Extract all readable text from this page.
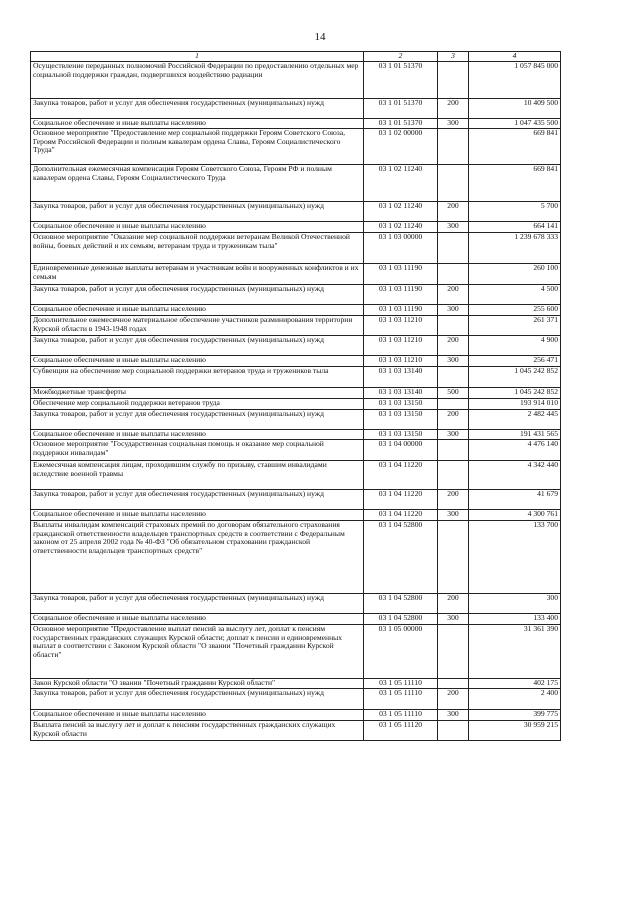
14
1	2	3	4
Осуществление переданных полномочий Российской Федерации по предоставлению отдельных мер социальной поддержки граждан, подвергшихся воздействию радиации	03 1 01 51370		1 057 845 000
Закупка товаров, работ и услуг для обеспечения государственных (муниципальных) нужд	03 1 01 51370	200	10 409 500
Социальное обеспечение и иные выплаты населению	03 1 01 51370	300	1 047 435 500
Основное мероприятие "Предоставление мер социальной поддержки Героям Советского Союза, Героям Российской Федерации и полным кавалерам ордена Славы, Героям Социалистического Труда"	03 1 02 00000		669 841
Дополнительная ежемесячная компенсация Героям Советского Союза, Героям РФ и полным кавалерам ордена Славы, Героям Социалистического Труда	03 1 02 11240		669 841
Закупка товаров, работ и услуг для обеспечения государственных (муниципальных) нужд	03 1 02 11240	200	5 700
Социальное обеспечение и иные выплаты населению	03 1 02 11240	300	664 141
Основное мероприятие "Оказание мер социальной поддержки ветеранам Великой Отечественной войны, боевых действий и их семьям, ветеранам труда и труженикам тыла"	03 1 03 00000		1 239 678 333
Единовременные денежные выплаты ветеранам и участникам войн и вооруженных конфликтов и их семьям	03 1 03 11190		260 100
Закупка товаров, работ и услуг для обеспечения государственных (муниципальных) нужд	03 1 03 11190	200	4 500
Социальное обеспечение и иные выплаты населению	03 1 03 11190	300	255 600
Дополнительное ежемесячное материальное обеспечение участников разминирования территории Курской области в 1943-1948 годах	03 1 03 11210		261 371
Закупка товаров, работ и услуг для обеспечения государственных (муниципальных) нужд	03 1 03 11210	200	4 900
Социальное обеспечение и иные выплаты населению	03 1 03 11210	300	256 471
Субвенции на обеспечение мер социальной поддержки ветеранов труда и тружеников тыла	03 1 03 13140		1 045 242 852
Межбюджетные трансферты	03 1 03 13140	500	1 045 242 852
Обеспечение мер социальной поддержки ветеранов труда	03 1 03 13150		193 914 010
Закупка товаров, работ и услуг для обеспечения государственных (муниципальных) нужд	03 1 03 13150	200	2 482 445
Социальное обеспечение и иные выплаты населению	03 1 03 13150	300	191 431 565
Основное мероприятие "Государственная социальная помощь и оказание мер социальной поддержки инвалидам"	03 1 04 00000		4 476 140
Ежемесячная компенсация лицам, проходившим службу по призыву, ставшим инвалидами вследствие военной травмы	03 1 04 11220		4 342 440
Закупка товаров, работ и услуг для обеспечения государственных (муниципальных) нужд	03 1 04 11220	200	41 679
Социальное обеспечение и иные выплаты населению	03 1 04 11220	300	4 300 761
Выплаты инвалидам компенсаций страховых премий по договорам обязательного страхования гражданской ответственности владельцев транспортных средств в соответствии с Федеральным законом от 25 апреля 2002 года № 40-ФЗ "Об обязательном страховании гражданской ответственности владельцев транспортных средств"	03 1 04 52800		133 700
Закупка товаров, работ и услуг для обеспечения государственных (муниципальных) нужд	03 1 04 52800	200	300
Социальное обеспечение и иные выплаты населению	03 1 04 52800	300	133 400
Основное мероприятие "Предоставление выплат пенсий за выслугу лет, доплат к пенсиям государственных гражданских служащих Курской области; доплат к пенсии и единовременных выплат в соответствии с Законом Курской области "О звании "Почетный гражданин Курской области"	03 1 05 00000		31 361 390
Закон Курской области "О звании "Почетный гражданин Курской области"	03 1 05 11110		402 175
Закупка товаров, работ и услуг для обеспечения государственных (муниципальных) нужд	03 1 05 11110	200	2 400
Социальное обеспечение и иные выплаты населению	03 1 05 11110	300	399 775
Выплата пенсий за выслугу лет и доплат к пенсиям государственных гражданских служащих Курской области	03 1 05 11120		30 959 215
